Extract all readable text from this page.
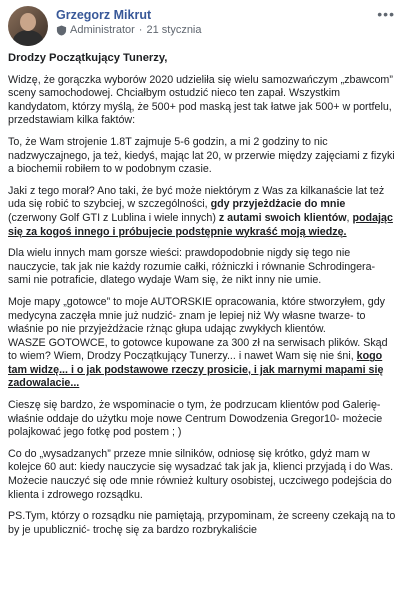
Grzegorz Mikrut
Administrator · 21 stycznia
•••

Drodzy Początkujący Tunerzy,

Widzę, że gorączka wyborów 2020 udzieliła się wielu samozwańczym „zbawcom” sceny samochodowej. Chciałbym ostudzić nieco ten zapał. Wszystkim kandydatom, którzy myślą, że 500+ pod maską jest tak łatwe jak 500+ w portfelu, przedstawiam kilka faktów:

To, że Wam strojenie 1.8T zajmuje 5-6 godzin, a mi 2 godziny to nic nadzwyczajnego, ja też, kiedyś, mając lat 20, w przerwie między zajęciami z fizyki a biochemii robiłem to w podobnym czasie.

Jaki z tego morał? Ano taki, że być może niektórym z Was za kilkanaście lat też uda się robić to szybciej, w szczególności, gdy przyjeżdżacie do mnie (czerwony Golf GTI z Lublina i wiele innych) z autami swoich klientów, podając się za kogoś innego i próbujecie podstępnie wykraść moją wiedzę.

Dla wielu innych mam gorsze wieści: prawdopodobnie nigdy się tego nie nauczycie, tak jak nie każdy rozumie całki, różniczki i równanie Schrodingera- sami nie potraficie, dlatego wydaje Wam się, że nikt inny nie umie.

Moje mapy „gotowce” to moje AUTORSKIE opracowania, które stworzyłem, gdy medycyna zaczęła mnie już nudzić- znam je lepiej niż Wy własne twarze- to właśnie po nie przyjeżdżacie rżnąc głupa udając zwykłych klientów.
WASZE GOTOWCE, to gotowce kupowane za 300 zł na serwisach plików. Skąd to wiem? Wiem, Drodzy Początkujący Tunerzy... i nawet Wam się nie śni, kogo tam widzę... i o jak podstawowe rzeczy prosicie, i jak marnymi mapami się zadowalacie...

Cieszę się bardzo, że wspominacie o tym, że podrzucam klientów pod Galerię- właśnie oddaje do użytku moje nowe Centrum Dowodzenia Gregor10- możecie polajkować jego fotkę pod postem ; )

Co do „wysadzanych” przeze mnie silników, odniosę się krótko, gdyż mam w kolejce 60 aut: kiedy nauczycie się wysadzać tak jak ja, klienci przyjadą i do Was. Możecie nauczyć się ode mnie również kultury osobistej, uczciwego podejścia do klienta i zdrowego rozsądku.

PS.Tym, którzy o rozsądku nie pamiętają, przypominam, że screeny czekają na to by je upublicznić- trochę się za bardzo rozbrykaliście
